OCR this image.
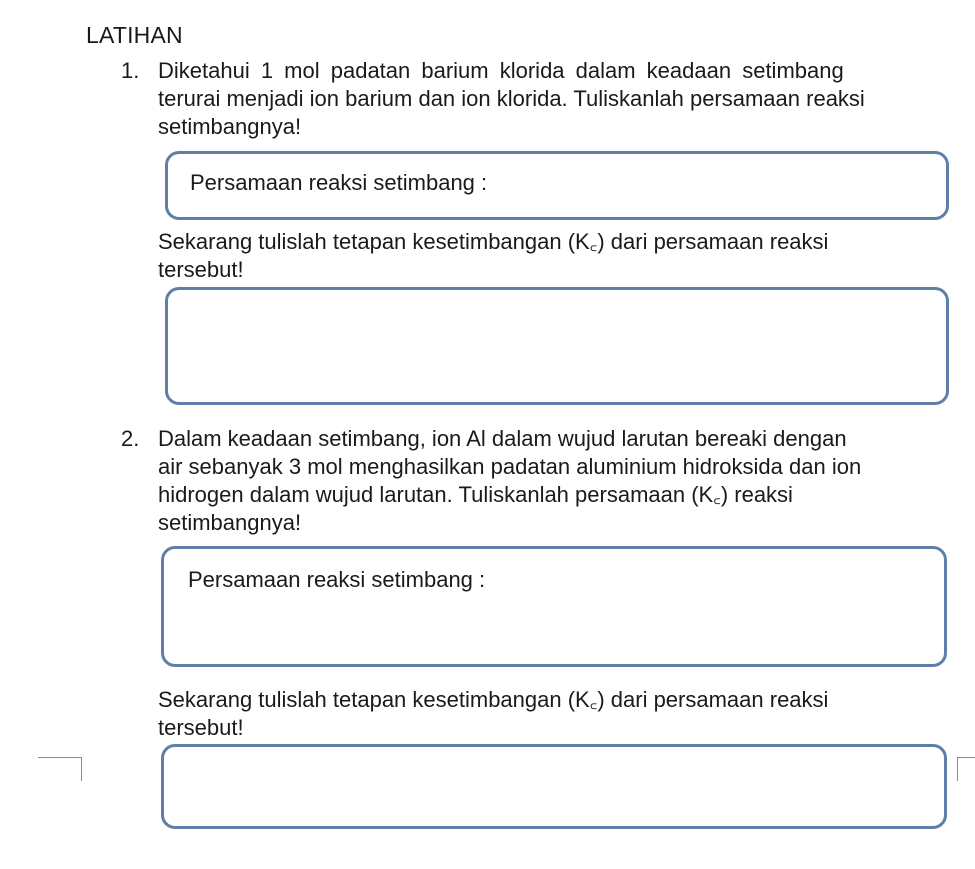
LATIHAN
1. Diketahui 1 mol padatan barium klorida dalam keadaan setimbang
terurai menjadi ion barium dan ion klorida. Tuliskanlah persamaan reaksi
setimbangnya!
Persamaan reaksi setimbang :
Sekarang tulislah tetapan kesetimbangan (K꜀) dari persamaan reaksi
tersebut!
2. Dalam keadaan setimbang, ion Al dalam wujud larutan bereaki dengan
air sebanyak 3 mol menghasilkan padatan aluminium hidroksida dan ion
hidrogen dalam wujud larutan. Tuliskanlah persamaan (K꜀) reaksi
setimbangnya!
Persamaan reaksi setimbang :
Sekarang tulislah tetapan kesetimbangan (K꜀) dari persamaan reaksi
tersebut!
